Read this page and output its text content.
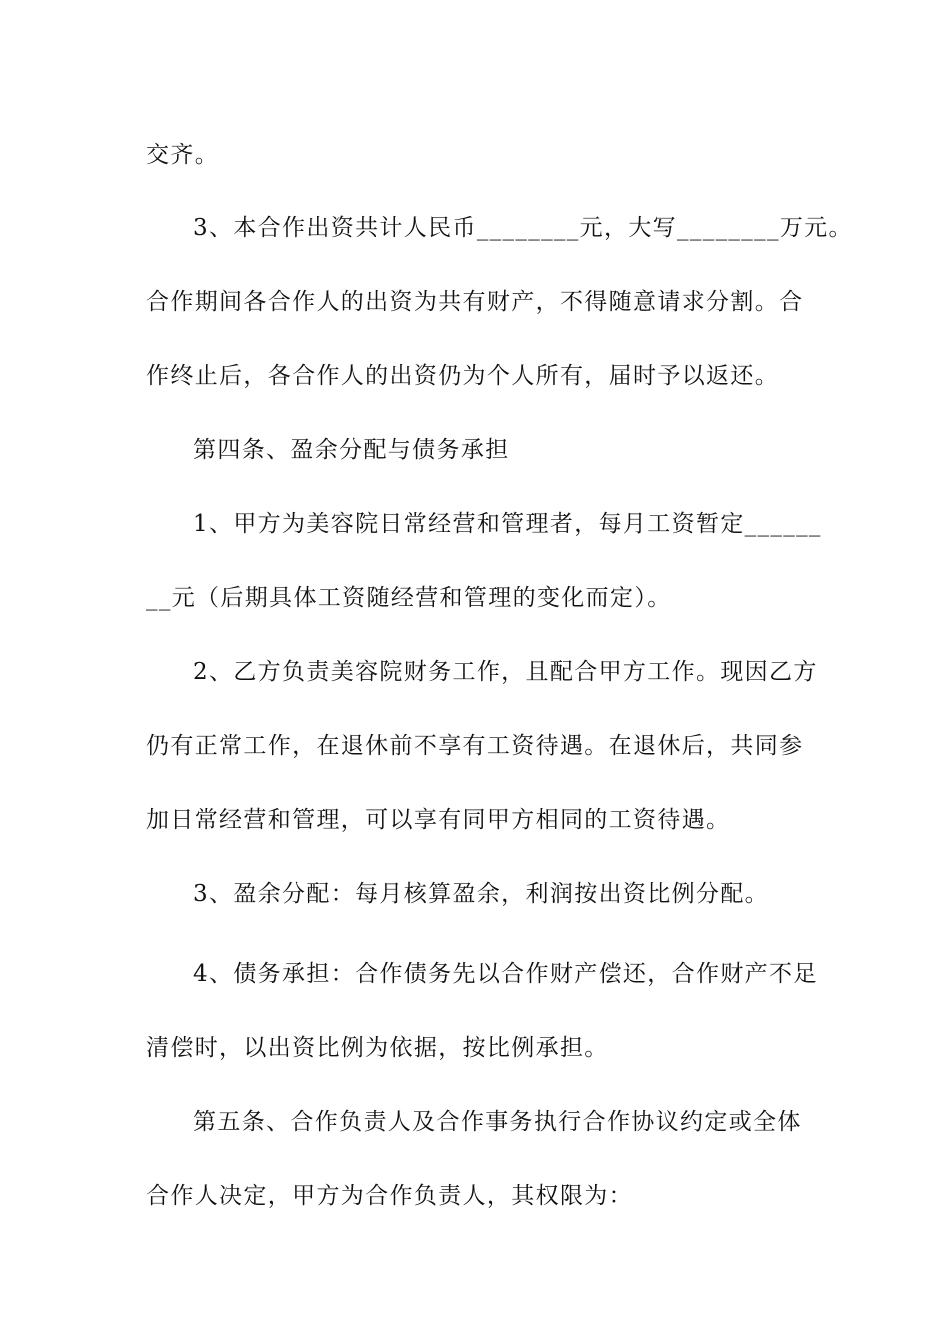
交齐。
3、本合作出资共计人民币________元，大写________万元。
合作期间各合作人的出资为共有财产，不得随意请求分割。合
作终止后，各合作人的出资仍为个人所有，届时予以返还。
第四条、盈余分配与债务承担
1、甲方为美容院日常经营和管理者，每月工资暂定______
__元（后期具体工资随经营和管理的变化而定）。
2、乙方负责美容院财务工作，且配合甲方工作。现因乙方
仍有正常工作，在退休前不享有工资待遇。在退休后，共同参
加日常经营和管理，可以享有同甲方相同的工资待遇。
3、盈余分配：每月核算盈余，利润按出资比例分配。
4、债务承担：合作债务先以合作财产偿还，合作财产不足
清偿时，以出资比例为依据，按比例承担。
第五条、合作负责人及合作事务执行合作协议约定或全体
合作人决定，甲方为合作负责人，其权限为：
